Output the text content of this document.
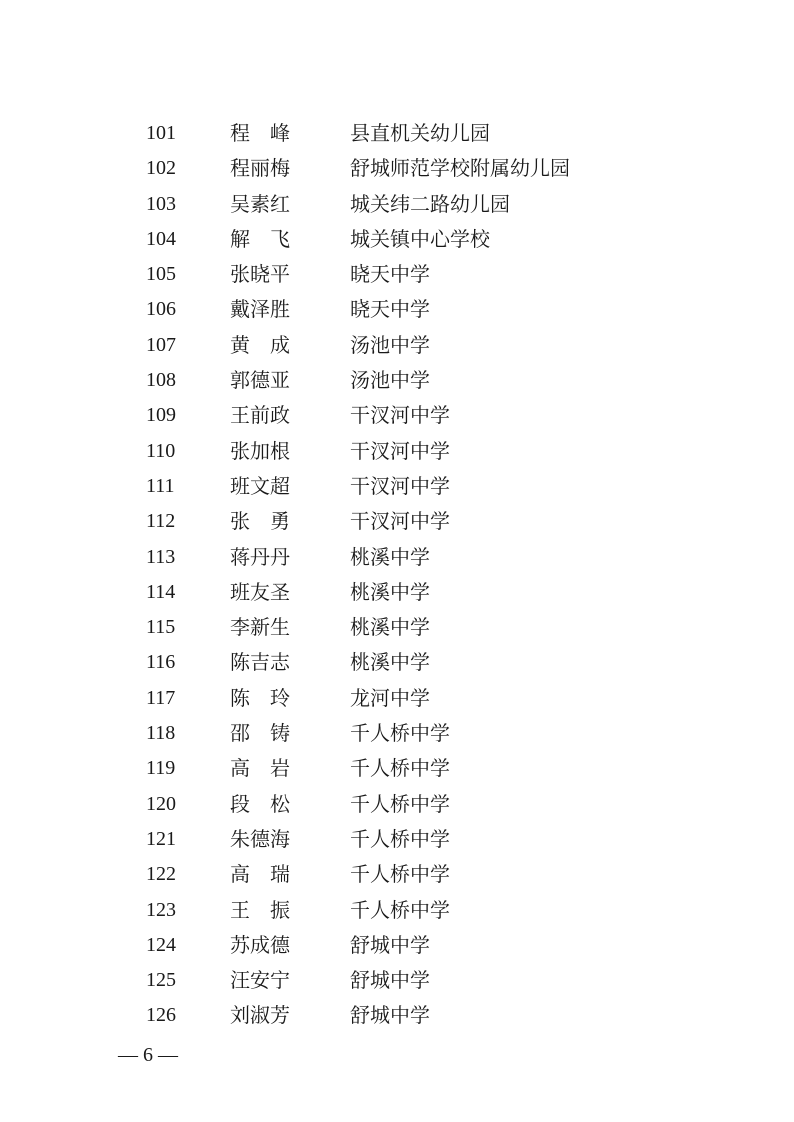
101	程峰	县直机关幼儿园
102	程丽梅	舒城师范学校附属幼儿园
103	吴素红	城关纬二路幼儿园
104	解飞	城关镇中心学校
105	张晓平	晓天中学
106	戴泽胜	晓天中学
107	黄成	汤池中学
108	郭德亚	汤池中学
109	王前政	干汊河中学
110	张加根	干汊河中学
111	班文超	干汊河中学
112	张勇	干汊河中学
113	蒋丹丹	桃溪中学
114	班友圣	桃溪中学
115	李新生	桃溪中学
116	陈吉志	桃溪中学
117	陈玲	龙河中学
118	邵铸	千人桥中学
119	高岩	千人桥中学
120	段松	千人桥中学
121	朱德海	千人桥中学
122	高瑞	千人桥中学
123	王振	千人桥中学
124	苏成德	舒城中学
125	汪安宁	舒城中学
126	刘淑芳	舒城中学
— 6 —
